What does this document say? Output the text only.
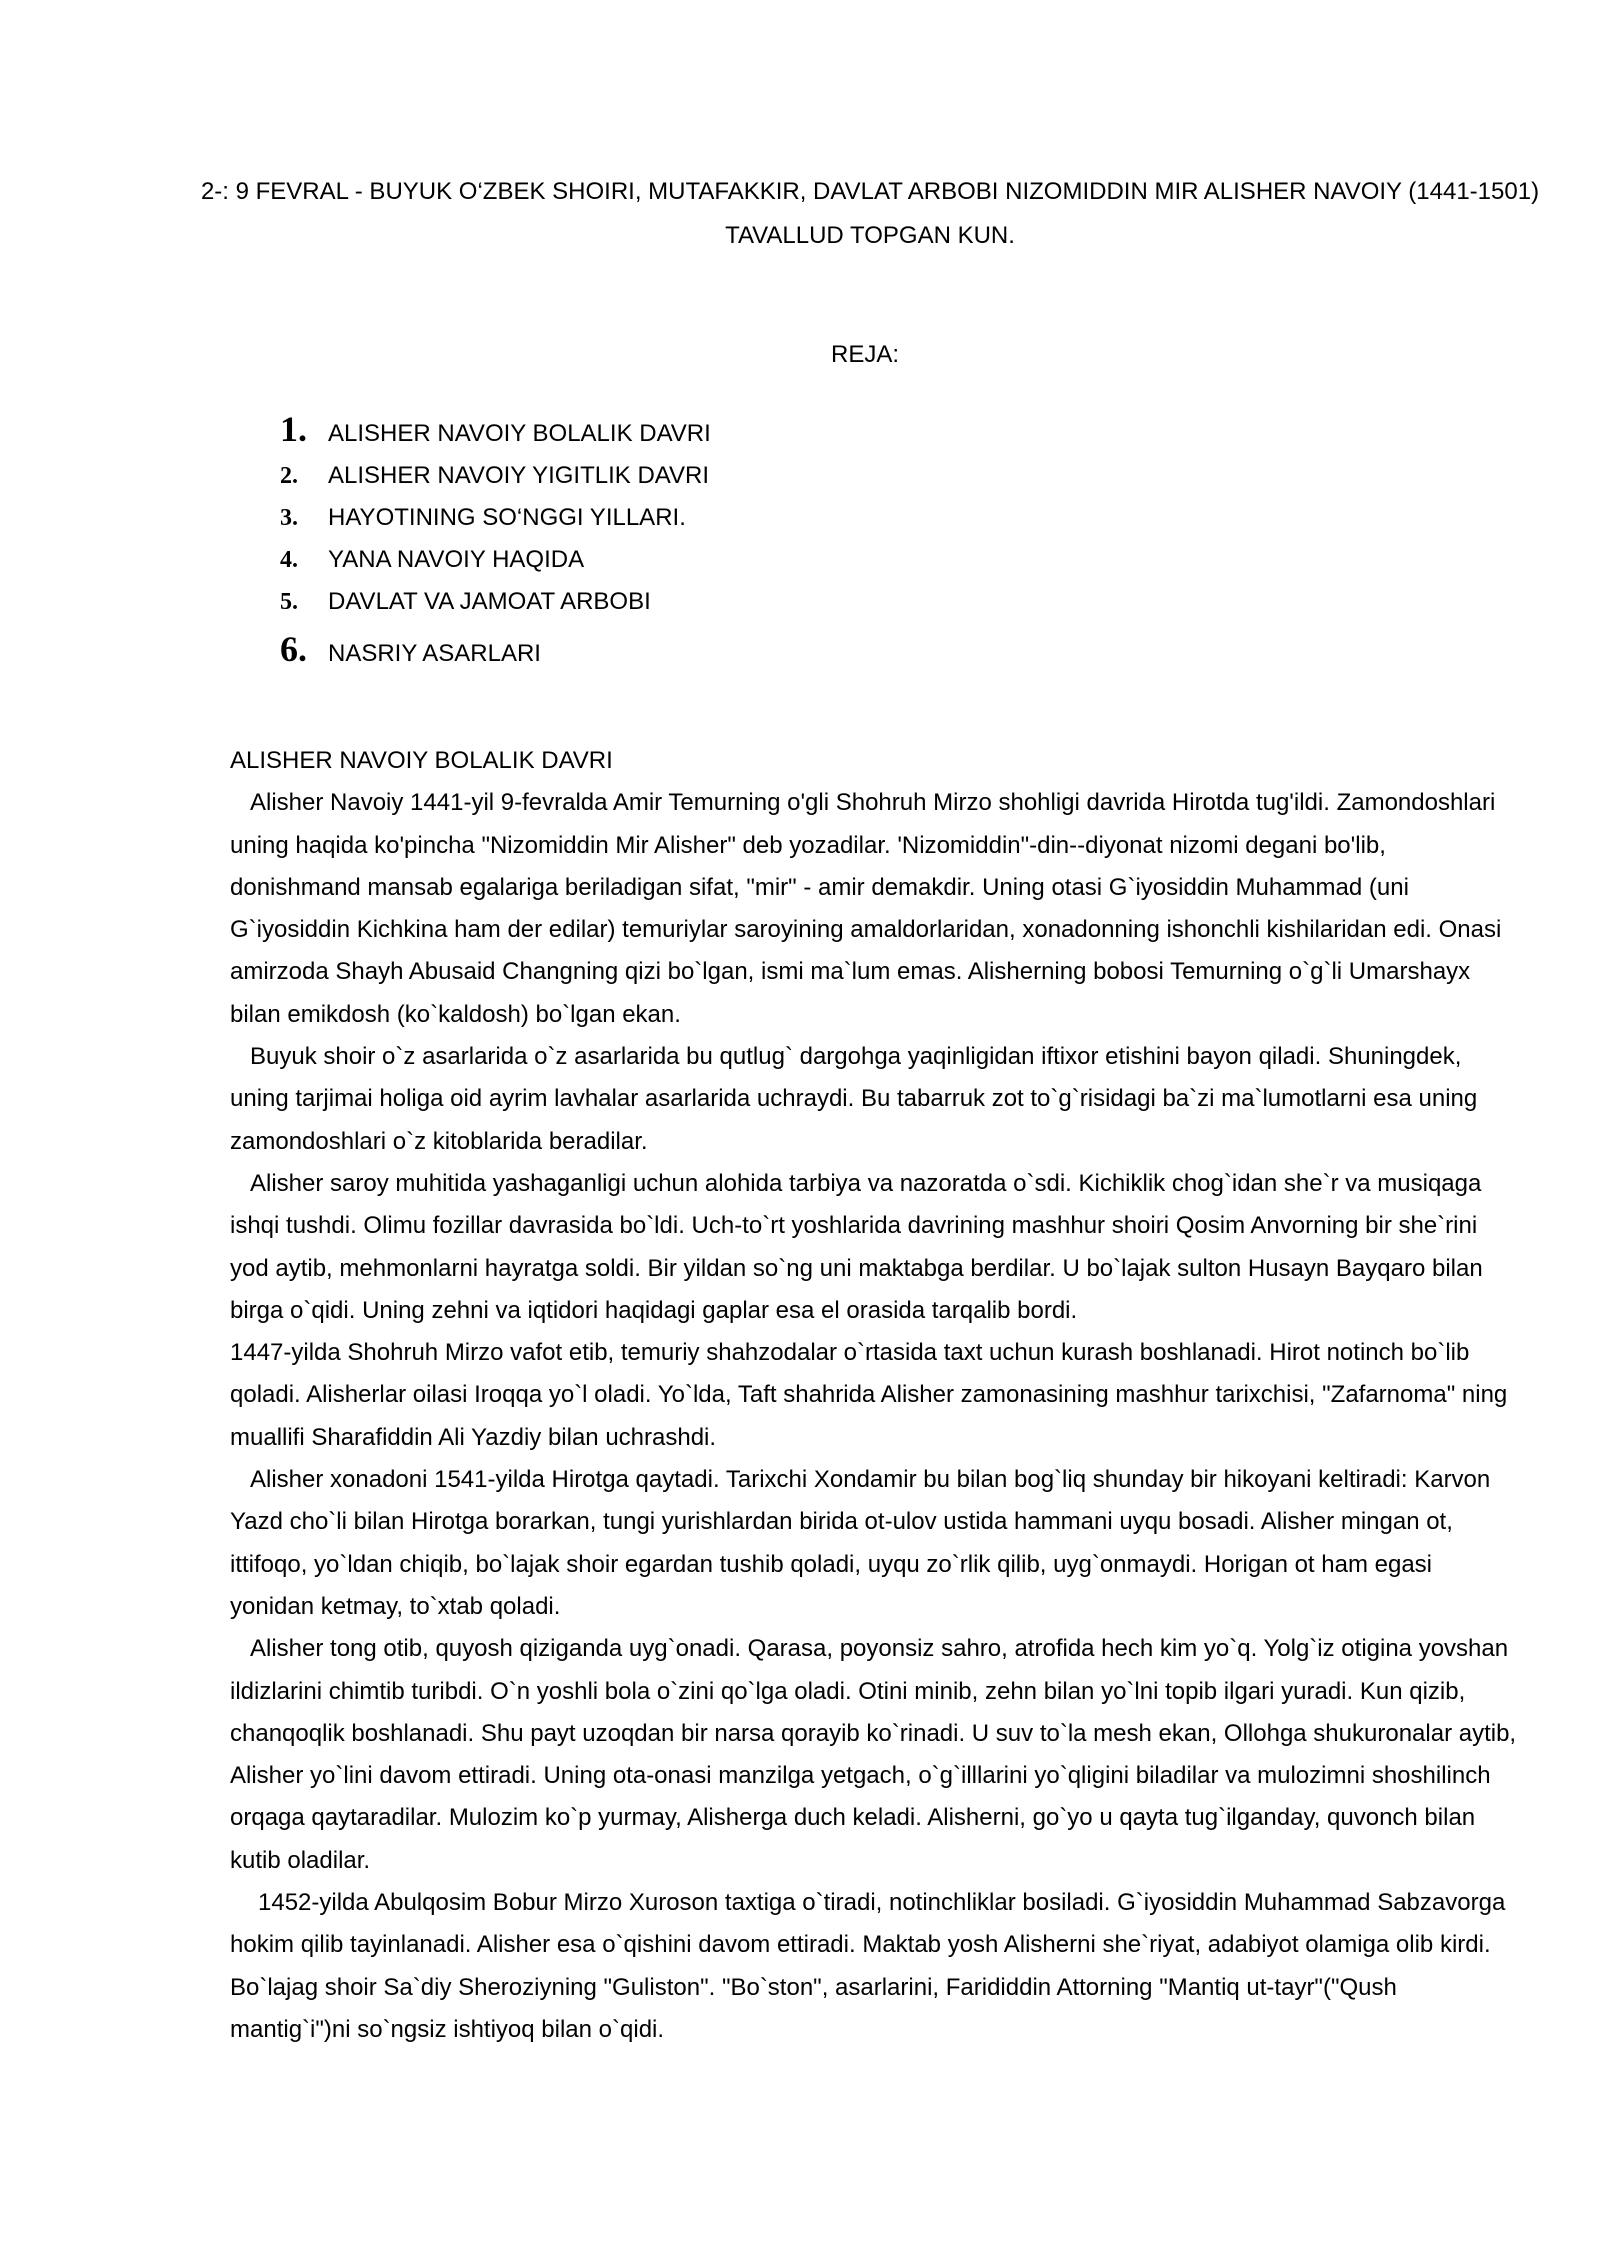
2-: 9 FEVRAL - BUYUK O‘ZBEK SHOIRI, MUTAFAKKIR, DAVLAT ARBOBI NIZOMIDDIN MIR ALISHER NAVOIY (1441-1501) TAVALLUD TOPGAN KUN.
REJA:
1. ALISHER NAVOIY BOLALIK DAVRI
2.	ALISHER NAVOIY YIGITLIK DAVRI
3.	HAYOTINING SO‘NGGI YILLARI.
4.	YANA NAVOIY HAQIDA
5.	DAVLAT VA JAMOAT ARBOBI
6. NASRIY ASARLARI

ALISHER NAVOIY BOLALIK DAVRI

Alisher Navoiy 1441-yil 9-fevralda Amir Temurning o'gli Shohruh Mirzo shohligi davrida Hirotda tug'ildi. Zamondoshlari uning haqida ko'pincha "Nizomiddin Mir Alisher" deb yozadilar. 'Nizomiddin"-din--diyonat nizomi degani bo'lib, donishmand mansab egalariga beriladigan sifat, "mir" - amir demakdir. Uning otasi G`iyosiddin Muhammad (uni G`iyosiddin Kichkina ham der edilar) temuriylar saroyining amaldorlaridan, xonadonning ishonchli kishilaridan edi. Onasi amirzoda Shayh Abusaid Changning qizi bo`lgan, ismi ma`lum emas. Alisherning bobosi Temurning o`g`li Umarshayx bilan emikdosh (ko`kaldosh) bo`lgan ekan.

Buyuk shoir o`z asarlarida o`z asarlarida bu qutlug` dargohga yaqinligidan iftixor etishini bayon qiladi. Shuningdek, uning tarjimai holiga oid ayrim lavhalar asarlarida uchraydi. Bu tabarruk zot to`g`risidagi ba`zi ma`lumotlarni esa uning zamondoshlari o`z kitoblarida beradilar.

Alisher saroy muhitida yashaganligi uchun alohida tarbiya va nazoratda o`sdi. Kichiklik chog`idan she`r va musiqaga ishqi tushdi. Olimu fozillar davrasida bo`ldi. Uch-to`rt yoshlarida davrining mashhur shoiri Qosim Anvorning bir she`rini yod aytib, mehmonlarni hayratga soldi. Bir yildan so`ng uni maktabga berdilar. U bo`lajak sulton Husayn Bayqaro bilan birga o`qidi. Uning zehni va iqtidori haqidagi gaplar esa el orasida tarqalib bordi.

1447-yilda Shohruh Mirzo vafot etib, temuriy shahzodalar o`rtasida taxt uchun kurash boshlanadi. Hirot notinch bo`lib qoladi. Alisherlar oilasi Iroqqa yo`l oladi. Yo`lda, Taft shahrida Alisher zamonasining mashhur tarixchisi, "Zafarnoma" ning muallifi Sharafiddin Ali Yazdiy bilan uchrashdi.

Alisher xonadoni 1541-yilda Hirotga qaytadi. Tarixchi Xondamir bu bilan bog`liq shunday bir hikoyani keltiradi: Karvon Yazd cho`li bilan Hirotga borarkan, tungi yurishlardan birida ot-ulov ustida hammani uyqu bosadi. Alisher mingan ot, ittifoqo, yo`ldan chiqib, bo`lajak shoir egardan tushib qoladi, uyqu zo`rlik qilib, uyg`onmaydi. Horigan ot ham egasi yonidan ketmay, to`xtab qoladi.

Alisher tong otib, quyosh qiziganda uyg`onadi. Qarasa, poyonsiz sahro, atrofida hech kim yo`q. Yolg`iz otigina yovshan ildizlarini chimtib turibdi. O`n yoshli bola o`zini qo`lga oladi. Otini minib, zehn bilan yo`lni topib ilgari yuradi. Kun qizib, chanqoqlik boshlanadi. Shu payt uzoqdan bir narsa qorayib ko`rinadi. U suv to`la mesh ekan, Ollohga shukuronalar aytib, Alisher yo`lini davom ettiradi. Uning ota-onasi manzilga yetgach, o`g`illlarini yo`qligini biladilar va mulozimni shoshilinch orqaga qaytaradilar. Mulozim ko`p yurmay, Alisherga duch keladi. Alisherni, go`yo u qayta tug`ilganday, quvonch bilan kutib oladilar.

1452-yilda Abulqosim Bobur Mirzo Xuroson taxtiga o`tiradi, notinchliklar bosiladi. G`iyosiddin Muhammad Sabzavorga hokim qilib tayinlanadi. Alisher esa o`qishini davom ettiradi. Maktab yosh Alisherni she`riyat, adabiyot olamiga olib kirdi. Bo`lajag shoir Sa`diy Sheroziyning "Guliston". "Bo`ston", asarlarini, Farididdin Attorning "Mantiq ut-tayr"("Qush mantig`i")ni so`ngsiz ishtiyoq bilan o`qidi.
